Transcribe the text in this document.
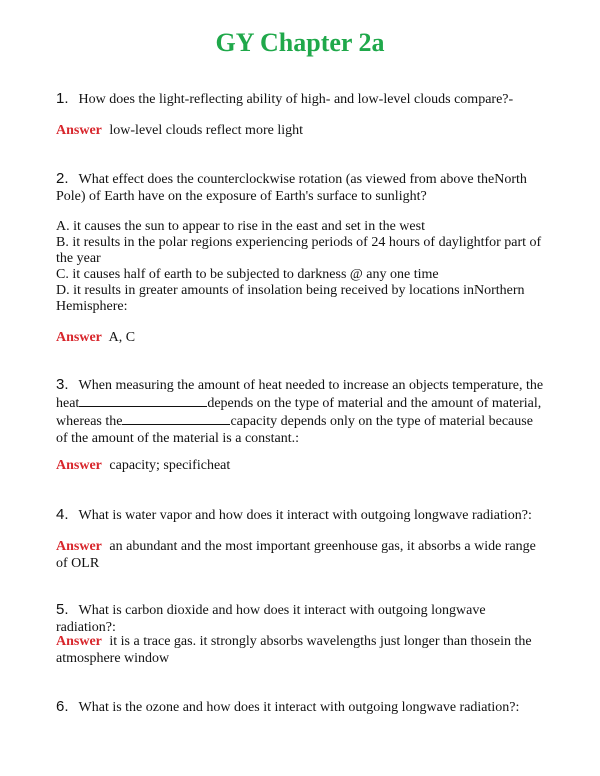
GY Chapter 2a
1. How does the light-reflecting ability of high- and low-level clouds compare?-
Answer low-level clouds reflect more light
2. What effect does the counterclockwise rotation (as viewed from above theNorth Pole) of Earth have on the exposure of Earth's surface to sunlight?
A. it causes the sun to appear to rise in the east and set in the west
B. it results in the polar regions experiencing periods of 24 hours of daylightfor part of the year
C. it causes half of earth to be subjected to darkness @ any one time
D. it results in greater amounts of insolation being received by locations inNorthern Hemisphere:
Answer A, C
3. When measuring the amount of heat needed to increase an objects temperature, the heat	depends on the type of material and the amount of material, whereas the	capacity depends only on the type of material because of the amount of the material is a constant.:
Answer capacity; specificheat
4. What is water vapor and how does it interact with outgoing longwave radiation?:
Answer an abundant and the most important greenhouse gas, it absorbs a wide range of OLR
5. What is carbon dioxide and how does it interact with outgoing longwave radiation?:
Answer it is a trace gas. it strongly absorbs wavelengths just longer than thosein the atmosphere window
6. What is the ozone and how does it interact with outgoing longwave radiation?:
